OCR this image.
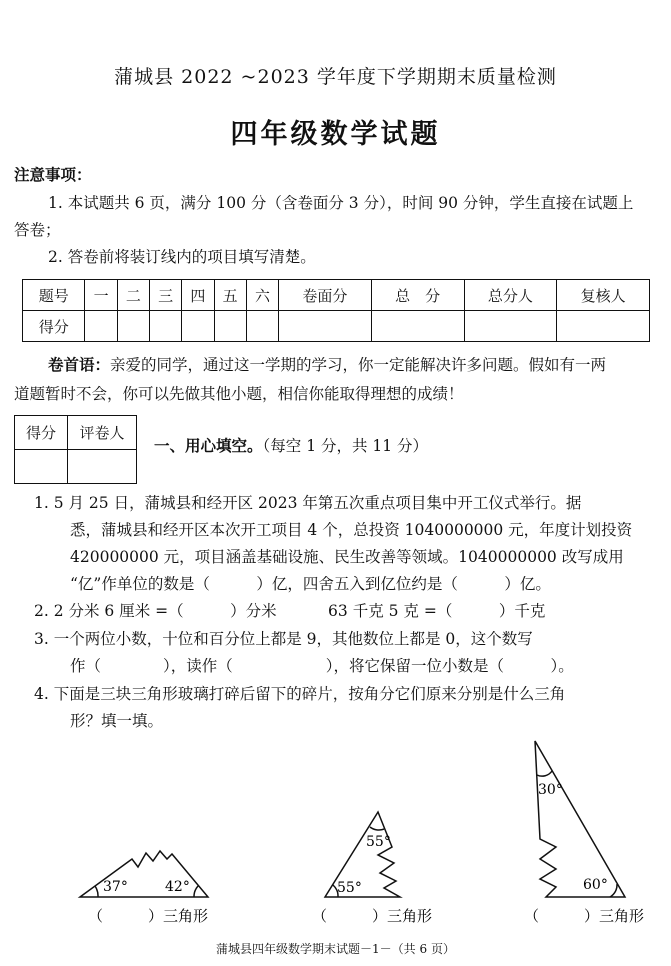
蒲城县 2022 ~2023 学年度下学期期末质量检测
四年级数学试题
注意事项：
1. 本试题共 6 页，满分 100 分（含卷面分 3 分），时间 90 分钟，学生直接在试题上
答卷；
2. 答卷前将装订线内的项目填写清楚。
题号	一	二	三	四	五	六	卷面分	总　分	总分人	复核人
得分										
卷首语：亲爱的同学，通过这一学期的学习，你一定能解决许多问题。假如有一两
道题暂时不会，你可以先做其他小题，相信你能取得理想的成绩！
得分	评卷人

一、用心填空。（每空 1 分，共 11 分）
1. 5 月 25 日，蒲城县和经开区 2023 年第五次重点项目集中开工仪式举行。据
悉，蒲城县和经开区本次开工项目 4 个，总投资 1040000000 元，年度计划投资
420000000 元，项目涵盖基础设施、民生改善等领域。1040000000 改写成用
“亿”作单位的数是（　　　）亿，四舍五入到亿位约是（　　　）亿。
2. 2 分米 6 厘米 =（　　　）分米　　　 63 千克 5 克 =（　　　）千克
3. 一个两位小数，十位和百分位上都是 9，其他数位上都是 0，这个数写
作（　　　　），读作（　　　　　　），将它保留一位小数是（　　　）。
4. 下面是三块三角形玻璃打碎后留下的碎片，按角分它们原来分别是什么三角
形？填一填。
37°	42°
（　　　）三角形
55°
55°
（　　　）三角形
30°
60°
（　　　）三角形
蒲城县四年级数学期末试题－1－（共 6 页）
